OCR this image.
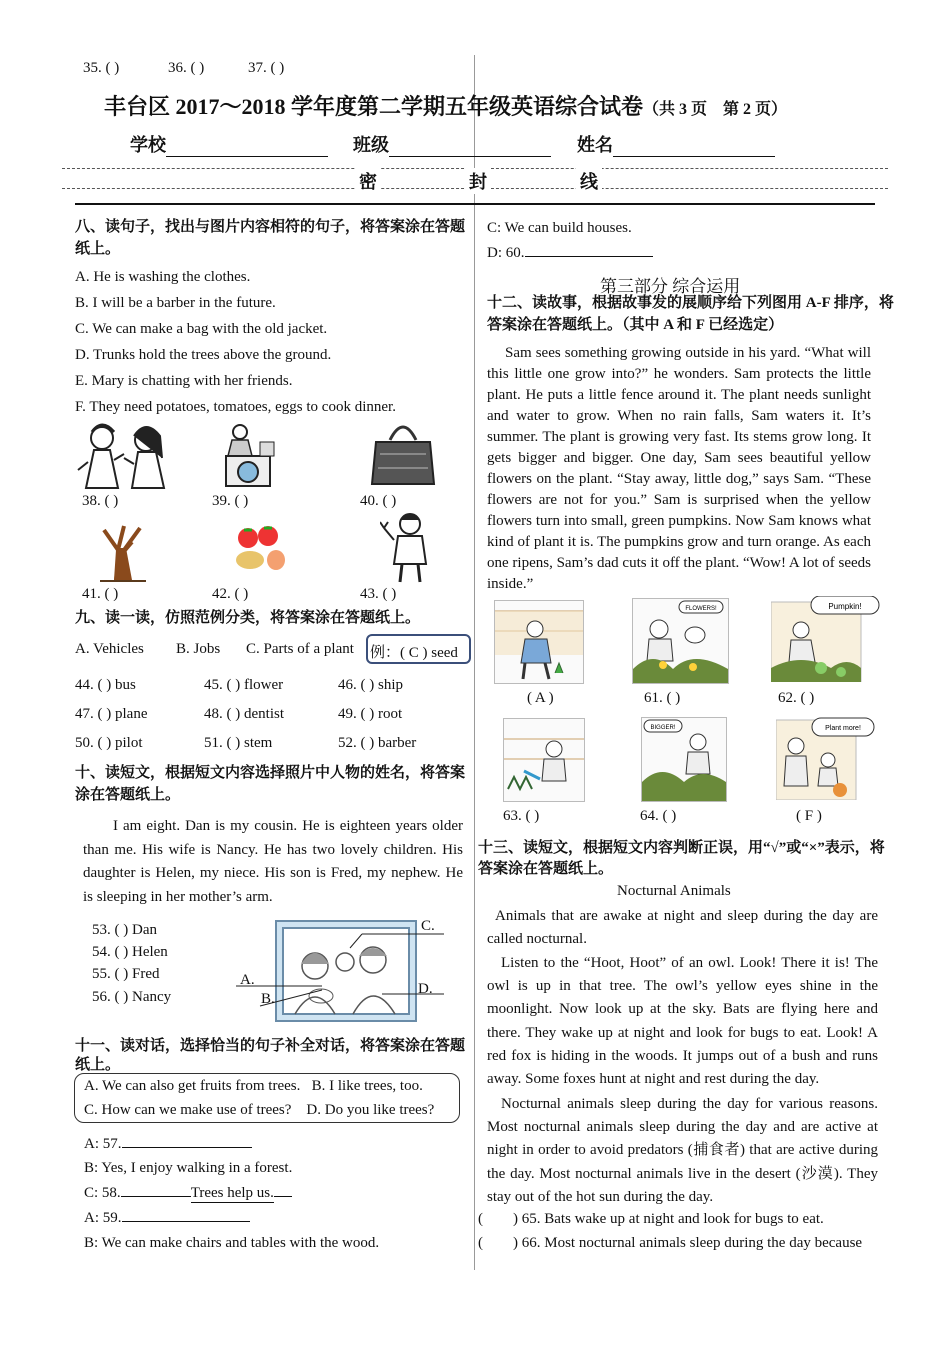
35. ( )	36. ( )	37. ( )
丰台区 2017～2018 学年度第二学期五年级英语综合试卷（共 3 页　第 2 页）
学校	班级	姓名
密	封	线
八、读句子，找出与图片内容相符的句子，将答案涂在答题纸上。
A. He is washing the clothes.
B. I will be a barber in the future.
C. We can make a bag with the old jacket.
D. Trunks hold the trees above the ground.
E. Mary is chatting with her friends.
F. They need potatoes, tomatoes, eggs to cook dinner.
38. ( )	39. ( )	40. ( )
41. ( )	42. ( )	43. ( )
九、读一读，仿照范例分类，将答案涂在答题纸上。
A. Vehicles B. Jobs C. Parts of a plant 例：( C ) seed
44. ( ) bus	45. ( ) flower	46. ( ) ship
47. ( ) plane	48. ( ) dentist	49. ( ) root
50. ( ) pilot	51. ( ) stem	52. ( ) barber
十、读短文，根据短文内容选择照片中人物的姓名，将答案涂在答题纸上。
I am eight. Dan is my cousin. He is eighteen years older than me. His wife is Nancy. He has two lovely children. His daughter is Helen, my niece. His son is Fred, my nephew. He is sleeping in her mother’s arm.
53. ( ) Dan
54. ( ) Helen
55. ( ) Fred
56. ( ) Nancy
A.
B.
C.
D.
十一、读对话，选择恰当的句子补全对话，将答案涂在答题纸上。
A. We can also get fruits from trees.   B. I like trees, too.
C. How can we make use of trees?    D. Do you like trees?
A: 57.
B: Yes, I enjoy walking in a forest.
C: 58.	Trees help us.
A: 59.
B: We can make chairs and tables with the wood.
C: We can build houses.
D: 60.
第三部分 综合运用
十二、读故事，根据故事发的展顺序给下列图用 A-F 排序，将答案涂在答题纸上。（其中 A 和 F 已经选定）
Sam sees something growing outside in his yard. “What will this little one grow into?” he wonders. Sam protects the little plant. He puts a little fence around it. The plant needs sunlight and water to grow. When no rain falls, Sam waters it. It’s summer. The plant is growing very fast. Its stems grow long. It gets bigger and bigger. One day, Sam sees beautiful yellow flowers on the plant. “Stay away, little dog,” says Sam. “These flowers are not for you.” Sam is surprised when the yellow flowers turn into small, green pumpkins. Now Sam knows what kind of plant it is. The pumpkins grow and turn orange. As each one ripens, Sam’s dad cuts it off the plant. “Wow! A lot of seeds inside.”
FLOWERS!	Pumpkin!
( A )	61. ( )	62. ( )
BIGGER!	Plant more!
63. ( )	64. ( )	( F )
十三、读短文，根据短文内容判断正误，用“√”或“×”表示，将答案涂在答题纸上。
Nocturnal Animals
Animals that are awake at night and sleep during the day are called nocturnal.
Listen to the “Hoot, Hoot” of an owl. Look! There it is! The owl is up in that tree. The owl’s yellow eyes shine in the moonlight. Now look up at the sky. Bats are flying here and there. They wake up at night and look for bugs to eat. Look! A red fox is hiding in the woods. It jumps out of a bush and runs away. Some foxes hunt at night and rest during the day.
Nocturnal animals sleep during the day for various reasons. Most nocturnal animals sleep during the day and are active at night in order to avoid predators (捕食者) that are active during the day. Most nocturnal animals live in the desert (沙漠). They stay out of the hot sun during the day.
(        ) 65. Bats wake up at night and look for bugs to eat.
(        ) 66. Most nocturnal animals sleep during the day because
